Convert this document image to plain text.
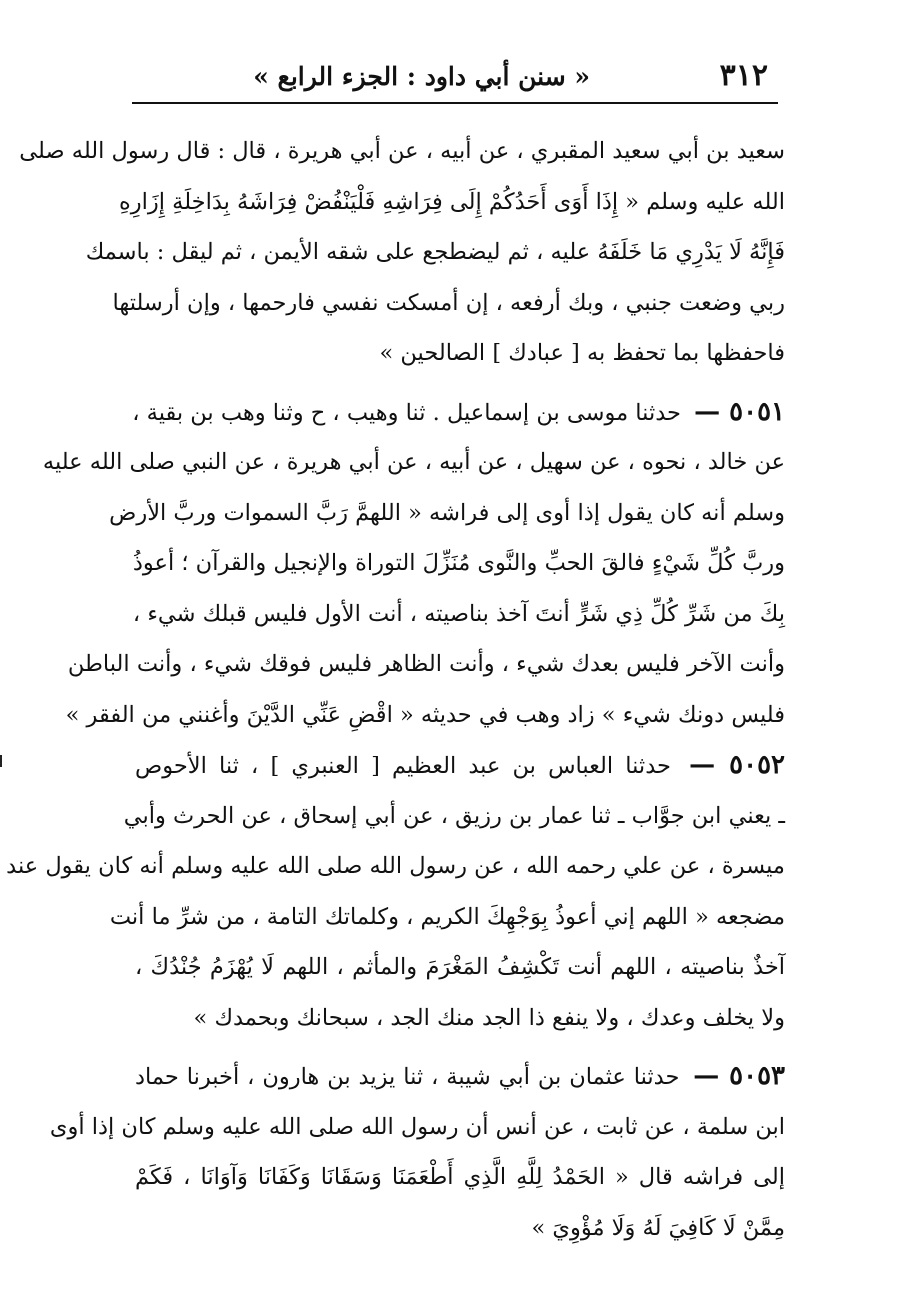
٣١٢
« سنن أبي داود : الجزء الرابع »
سعيد بن أبي سعيد المقبري ، عن أبيه ، عن أبي هريرة ، قال : قال رسول الله صلى
الله عليه وسلم « إِذَا أَوَى أَحَدُكُمْ إِلَى فِرَاشِهِ فَلْيَنْفُضْ فِرَاشَهُ بِدَاخِلَةِ إِزَارِهِ
فَإِنَّهُ لَا يَدْرِي مَا خَلَفَهُ عليه ، ثم ليضطجع على شقه الأيمن ، ثم ليقل : باسمك
ربي وضعت جنبي ، وبك أرفعه ، إن أمسكت نفسي فارحمها ، وإن أرسلتها
فاحفظها بما تحفظ به [ عبادك ] الصالحين »
٥٠٥١ — حدثنا موسى بن إسماعيل . ثنا وهيب ، ح وثنا وهب بن بقية ،
عن خالد ، نحوه ، عن سهيل ، عن أبيه ، عن أبي هريرة ، عن النبي صلى الله عليه
وسلم أنه كان يقول إذا أوى إلى فراشه « اللهمَّ رَبَّ السموات وربَّ الأرض
وربَّ كُلِّ شَيْءٍ فالقَ الحبِّ والنَّوى مُنَزِّلَ التوراة والإنجيل والقرآن ؛ أعوذُ
بِكَ من شَرِّ كُلِّ ذِي شَرٍّ أنتَ آخذ بناصيته ، أنت الأول فليس قبلك شيء ،
وأنت الآخر فليس بعدك شيء ، وأنت الظاهر فليس فوقك شيء ، وأنت الباطن
فليس دونك شيء » زاد وهب في حديثه « اقْضِ عَنِّي الدَّيْنَ وأغنني من الفقر »
٥٠٥٢ — حدثنا العباس بن عبد العظيم [ العنبري ] ، ثنا الأحوص
ـ يعني ابن جوَّاب ـ ثنا عمار بن رزيق ، عن أبي إسحاق ، عن الحرث وأبي
ميسرة ، عن علي رحمه الله ، عن رسول الله صلى الله عليه وسلم أنه كان يقول عند
مضجعه « اللهم إني أعوذُ بِوَجْهِكَ الكريم ، وكلماتك التامة ، من شرِّ ما أنت
آخذٌ بناصيته ، اللهم أنت تَكْشِفُ المَغْرَمَ والمأثم ، اللهم لَا يُهْزَمُ جُنْدُكَ ،
ولا يخلف وعدك ، ولا ينفع ذا الجد منك الجد ، سبحانك وبحمدك »
٥٠٥٣ — حدثنا عثمان بن أبي شيبة ، ثنا يزيد بن هارون ، أخبرنا حماد
ابن سلمة ، عن ثابت ، عن أنس أن رسول الله صلى الله عليه وسلم كان إذا أوى
إلى فراشه قال « الحَمْدُ لِلَّهِ الَّذِي أَطْعَمَنَا وَسَقَانَا وَكَفَانَا وَآوَانَا ، فَكَمْ
مِمَّنْ لَا كَافِيَ لَهُ وَلَا مُؤْوِيَ »
